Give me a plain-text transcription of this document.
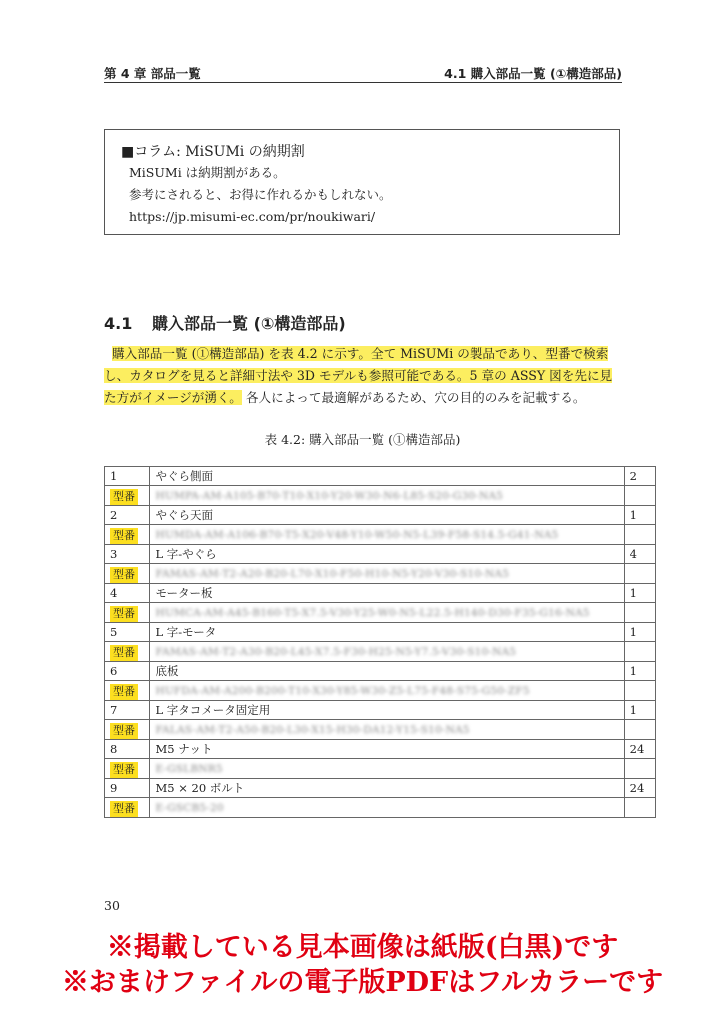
第 4 章 部品一覧	4.1 購入部品一覧 (①構造部品)
■コラム: MiSUMi の納期割
MiSUMi は納期割がある。
参考にされると、お得に作れるかもしれない。
https://jp.misumi-ec.com/pr/noukiwari/
4.1 購入部品一覧 (①構造部品)
購入部品一覧 (①構造部品) を表 4.2 に示す。全て MiSUMi の製品であり、型番で検索し、カタログを見ると詳細寸法や 3D モデルも参照可能である。5 章の ASSY 図を先に見た方がイメージが湧く。 各人によって最適解があるため、穴の目的のみを記載する。
表 4.2: 購入部品一覧 (①構造部品)
1	やぐら側面	2
型番	HUMPA-AM-A105-B70-T10-X10-Y20-W30-N6-L85-S20-G30-NA5	
2	やぐら天面	1
型番	HUMDA-AM-A106-B70-T5-X20-V48-Y10-W50-N5-L39-F58-S14.5-G41-NA5	
3	L 字-やぐら	4
型番	FAMAS-AM-T2-A20-B20-L70-X10-F50-H10-N5-Y20-V30-S10-NA5	
4	モーター板	1
型番	HUMCA-AM-A45-B160-T5-X7.5-V30-Y25-W0-N5-L22.5-H140-D30-F35-G16-NA5	
5	L 字-モータ	1
型番	FAMAS-AM-T2-A30-B20-L45-X7.5-F30-H25-N5-Y7.5-V30-S10-NA5	
6	底板	1
型番	HUFDA-AM-A200-B200-T10-X30-Y85-W30-Z5-L75-F48-S75-G50-ZF5	
7	L 字タコメータ固定用	1
型番	FALAS-AM-T2-A50-B20-L30-X15-H30-DA12-Y15-S10-NA5	
8	M5 ナット	24
型番	E-GSLBNR5	
9	M5 × 20 ボルト	24
型番	E-GSCB5-20	
30
※掲載している見本画像は紙版(白黒)です
※おまけファイルの電子版PDFはフルカラーです
